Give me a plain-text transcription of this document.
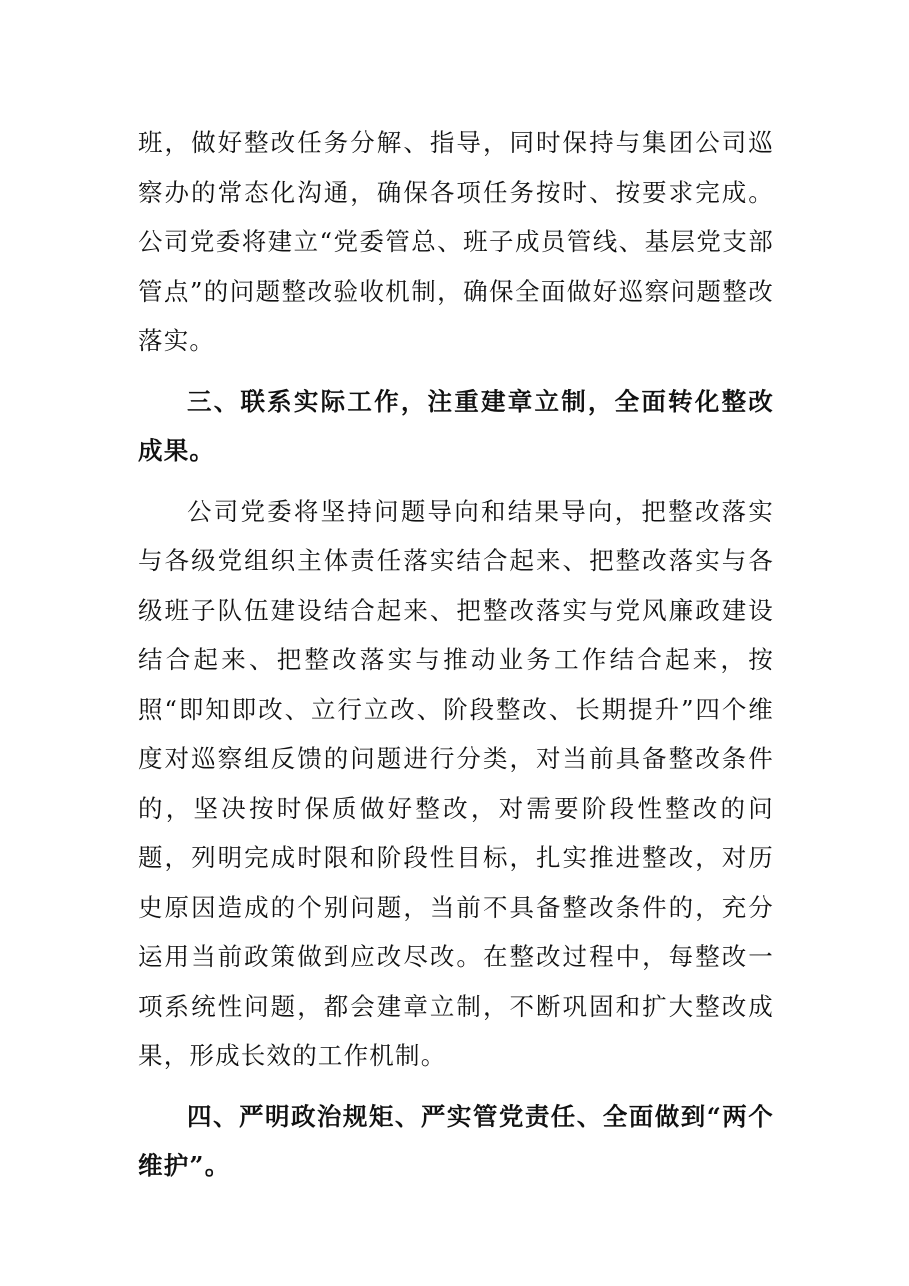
班，做好整改任务分解、指导，同时保持与集团公司巡察办的常态化沟通，确保各项任务按时、按要求完成。公司党委将建立“党委管总、班子成员管线、基层党支部管点”的问题整改验收机制，确保全面做好巡察问题整改落实。

三、联系实际工作，注重建章立制，全面转化整改成果。

公司党委将坚持问题导向和结果导向，把整改落实与各级党组织主体责任落实结合起来、把整改落实与各级班子队伍建设结合起来、把整改落实与党风廉政建设结合起来、把整改落实与推动业务工作结合起来，按照“即知即改、立行立改、阶段整改、长期提升”四个维度对巡察组反馈的问题进行分类，对当前具备整改条件的，坚决按时保质做好整改，对需要阶段性整改的问题，列明完成时限和阶段性目标，扎实推进整改，对历史原因造成的个别问题，当前不具备整改条件的，充分运用当前政策做到应改尽改。在整改过程中，每整改一项系统性问题，都会建章立制，不断巩固和扩大整改成果，形成长效的工作机制。

四、严明政治规矩、严实管党责任、全面做到“两个维护”。
